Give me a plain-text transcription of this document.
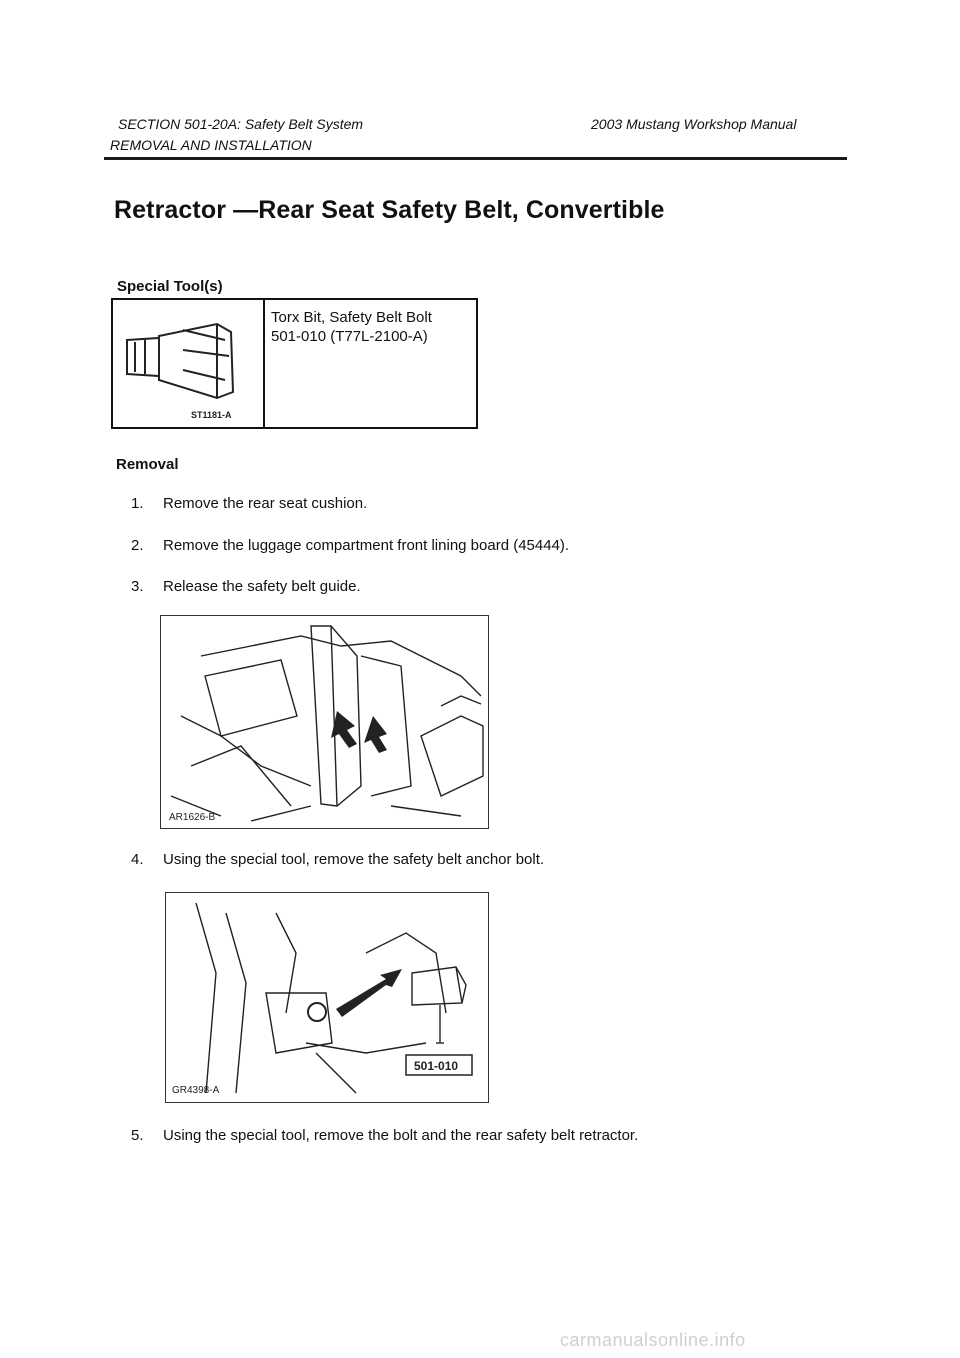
SECTION 501-20A: Safety Belt System	2003 Mustang Workshop Manual
REMOVAL AND INSTALLATION
Retractor —Rear Seat Safety Belt, Convertible
Special Tool(s)
ST1181-A
Torx Bit, Safety Belt Bolt
501-010 (T77L-2100-A)
Removal
1. Remove the rear seat cushion.
2. Remove the luggage compartment front lining board (45444).
3. Release the safety belt guide.
AR1626-B
4. Using the special tool, remove the safety belt anchor bolt.
501-010
GR4398-A
5. Using the special tool, remove the bolt and the rear safety belt retractor.
carmanualsonline.info
